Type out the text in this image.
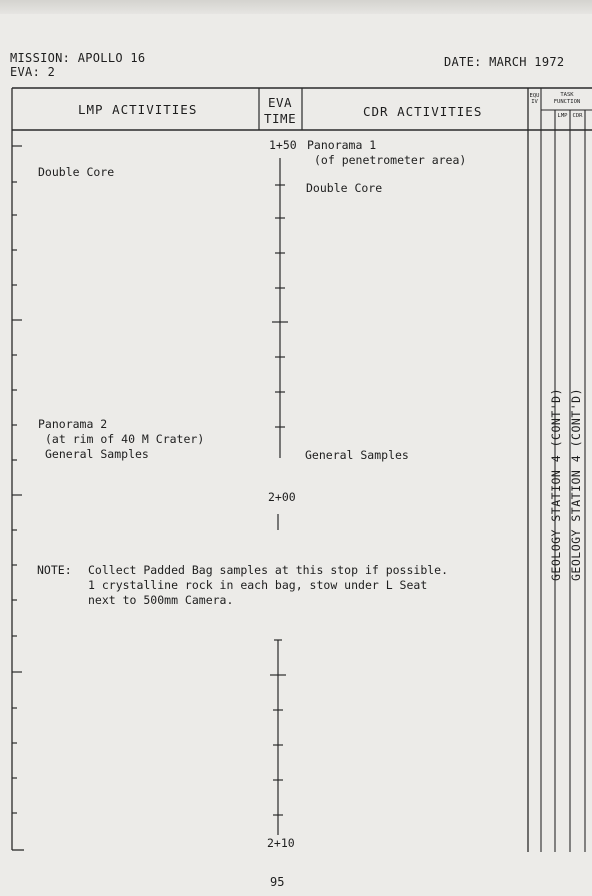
MISSION: APOLLO 16
EVA: 2
DATE: MARCH 1972
LMP ACTIVITIES	EVA
TIME	CDR ACTIVITIES
TASK
FUNCTION
EQUIV
LMP CDR
1+50
2+00
2+10
Double Core
Panorama 2
(at rim of 40 M Crater)
General Samples
Panorama 1
(of penetrometer area)
Double Core
General Samples
NOTE: Collect Padded Bag samples at this stop if possible.
1 crystalline rock in each bag, stow under L Seat
next to 500mm Camera.
GEOLOGY STATION 4 (CONT'D) GEOLOGY STATION 4 (CONT'D)
95
